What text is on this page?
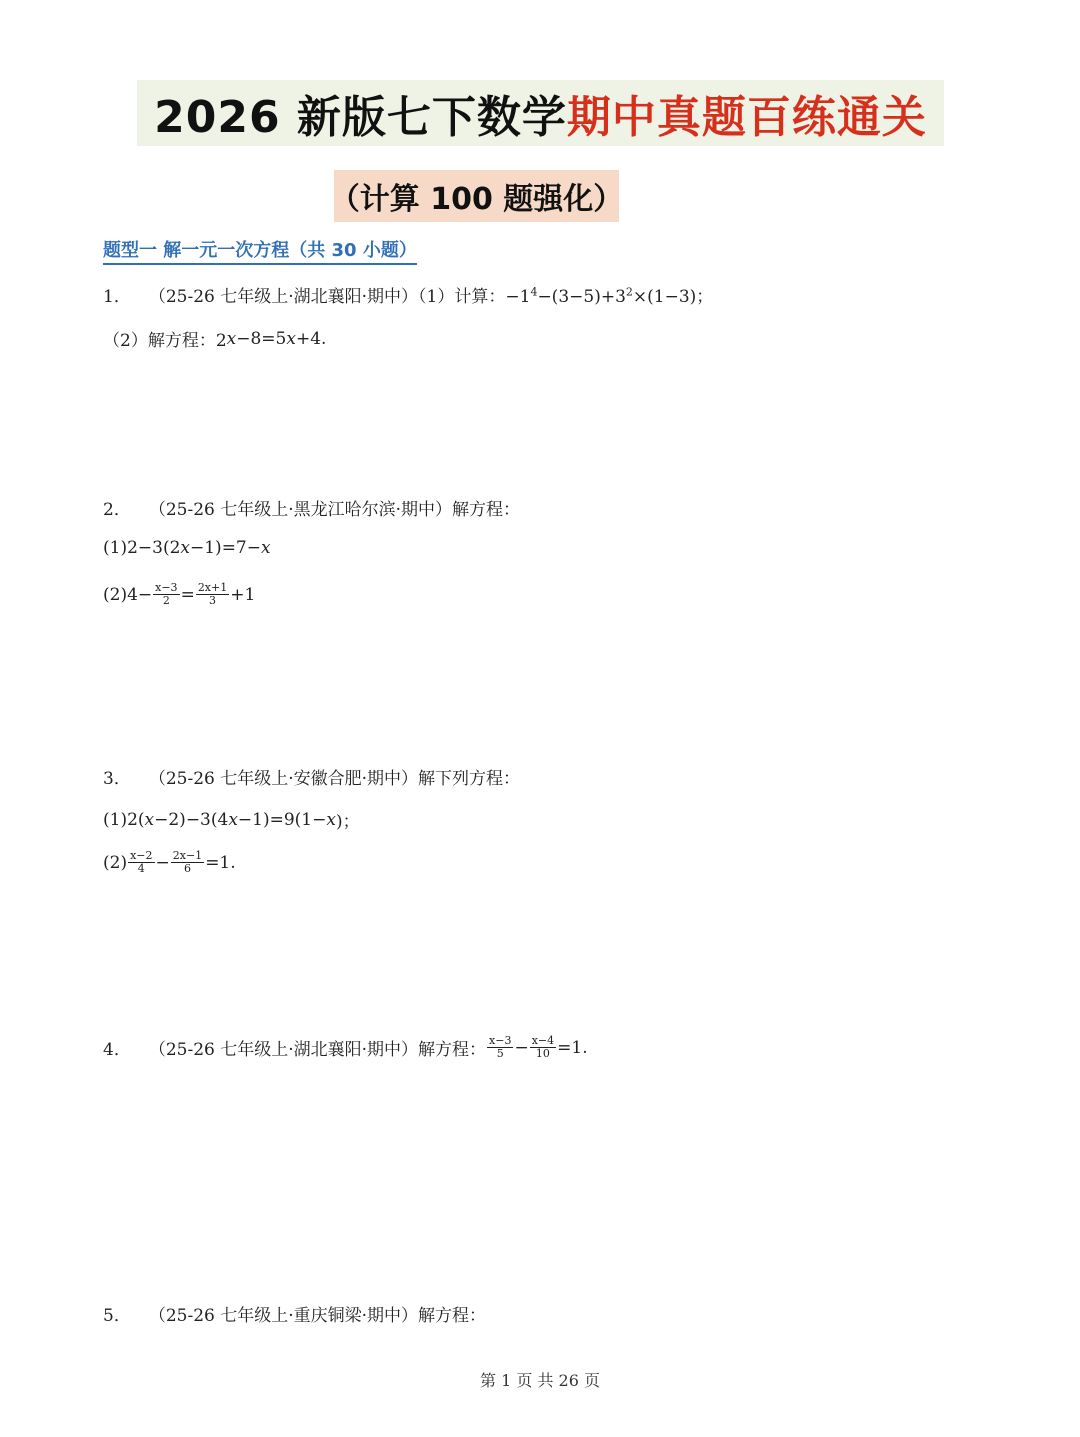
2026 新版七下数学 期中真题百练通关
（计算 100 题强化）
题型一 解一元一次方程（共 30 小题）
1． （25-26 七年级上·湖北襄阳·期中）（1）计算： $-1^4-(3-5)+3^2\times(1-3)$；
（2）解方程：2 x −8=5 x +4.
2． （25-26 七年级上·黑龙江哈尔滨·期中）解方程：
(1)2−3(2 x −1)=7− x
$(2)4- \frac{x-3}{2} = \frac{2x+1}{3} +1$
3． （25-26 七年级上·安徽合肥·期中）解下列方程：
(1)2( x −2)−3(4 x −1)=9(1− x )；
$(2) \frac{x-2}{4} - \frac{2x-1}{6} =1$.
4． （25-26 七年级上·湖北襄阳·期中）解方程： $\frac{x-3}{5} - \frac{x-4}{10} =1$.
5． （25-26 七年级上·重庆铜梁·期中）解方程：
第 1 页 共 26 页
